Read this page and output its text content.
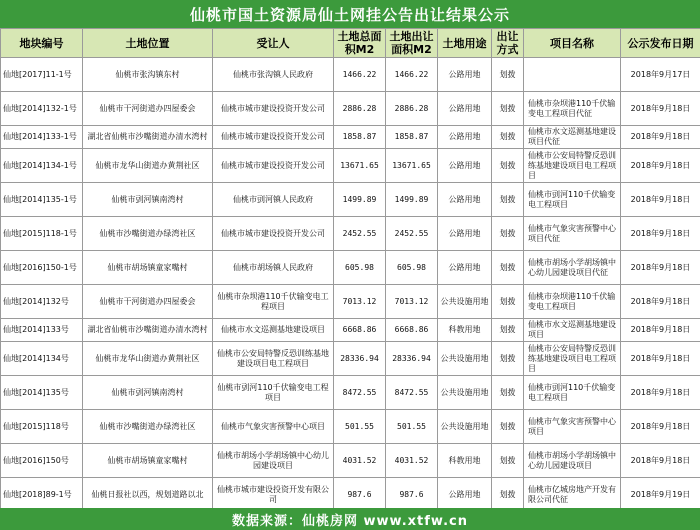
仙桃市国土资源局仙土网挂公告出让结果公示
地块编号	土地位置	受让人	土地总面积M2	土地出让面积M2	土地用途	出让方式	项目名称	公示发布日期
仙地[2017]11-1号	仙桃市张沟镇东村	仙桃市张沟镇人民政府	1466.22	1466.22	公路用地	划拨		2018年9月17日
仙地[2014]132-1号	仙桃市干河街道办四屋委会	仙桃市城市建设投资开发公司	2886.28	2886.28	公路用地	划拨	仙桃市杂坝港110千伏输变电工程项目代征	2018年9月18日
仙地[2014]133-1号	湖北省仙桃市沙嘴街道办清水湾村	仙桃市城市建设投资开发公司	1858.87	1858.87	公路用地	划拨	仙桃市水文巡测基地建设项目代征	2018年9月18日
仙地[2014]134-1号	仙桃市龙华山街道办黄荆社区	仙桃市城市建设投资开发公司	13671.65	13671.65	公路用地	划拨	仙桃市公安局特警反恐训练基地建设项目电工程项目	2018年9月18日
仙地[2014]135-1号	仙桃市剅河镇南湾村	仙桃市剅河镇人民政府	1499.89	1499.89	公路用地	划拨	仙桃市剅河110千伏输变电工程项目	2018年9月18日
仙地[2015]118-1号	仙桃市沙嘴街道办绿湾社区	仙桃市城市建设投资开发公司	2452.55	2452.55	公路用地	划拨	仙桃市气象灾害预警中心项目代征	2018年9月18日
仙地[2016]150-1号	仙桃市胡场镇童家嘴村	仙桃市胡场镇人民政府	605.98	605.98	公路用地	划拨	仙桃市胡场小学胡场镇中心幼儿园建设项目代征	2018年9月18日
仙地[2014]132号	仙桃市干河街道办四屋委会	仙桃市杂坝港110千伏输变电工程项目	7013.12	7013.12	公共设施用地	划拨	仙桃市杂坝港110千伏输变电工程项目	2018年9月18日
仙地[2014]133号	湖北省仙桃市沙嘴街道办清水湾村	仙桃市水文巡测基地建设项目	6668.86	6668.86	科教用地	划拨	仙桃市水文巡测基地建设项目	2018年9月18日
仙地[2014]134号	仙桃市龙华山街道办黄荆社区	仙桃市公安局特警反恐训练基地建设项目电工程项目	28336.94	28336.94	公共设施用地	划拨	仙桃市公安局特警反恐训练基地建设项目电工程项目	2018年9月18日
仙地[2014]135号	仙桃市剅河镇南湾村	仙桃市剅河110千伏输变电工程项目	8472.55	8472.55	公共设施用地	划拨	仙桃市剅河110千伏输变电工程项目	2018年9月18日
仙地[2015]118号	仙桃市沙嘴街道办绿湾社区	仙桃市气象灾害预警中心项目	501.55	501.55	公共设施用地	划拨	仙桃市气象灾害预警中心项目	2018年9月18日
仙地[2016]150号	仙桃市胡场镇童家嘴村	仙桃市胡场小学胡场镇中心幼儿园建设项目	4031.52	4031.52	科教用地	划拨	仙桃市胡场小学胡场镇中心幼儿园建设项目	2018年9月18日
仙地[2018]89-1号	仙桃日报社以西，规划道路以北	仙桃市城市建设投资开发有限公司	987.6	987.6	公路用地	划拨	仙桃市亿城房地产开发有限公司代征	2018年9月19日
数据来源：仙桃房网 www.xtfw.cn
